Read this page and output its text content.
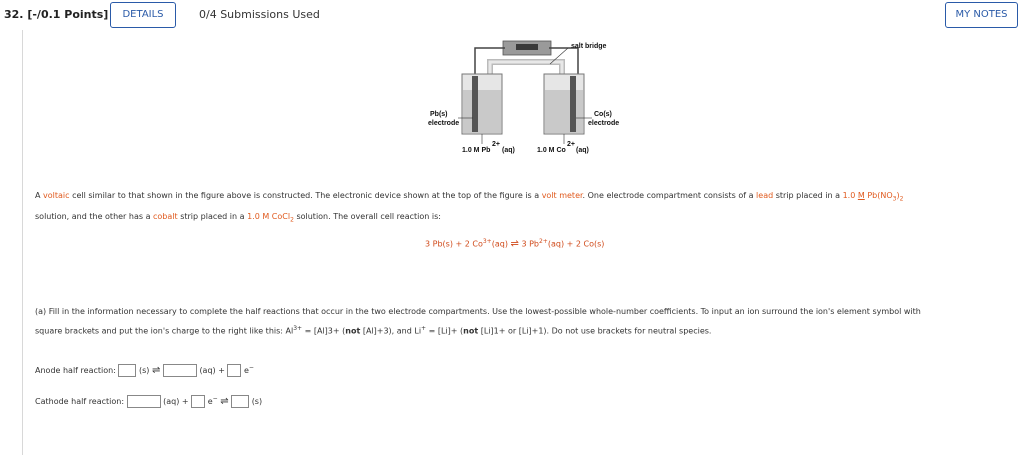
32. [-/0.1 Points]	DETAILS	0/4 Submissions Used	MY NOTES
salt bridge
Pb(s)
electrode
Co(s)
electrode
1.0 M Pb
2+
(aq)	1.0 M Co
2+
(aq)
A voltaic cell similar to that shown in the figure above is constructed. The electronic device shown at the top of the figure is a volt meter. One electrode compartment consists of a lead strip placed in a 1.0 M $Pb(NO_3)_2$
solution, and the other has a cobalt strip placed in a 1.0 M CoCl$_2$ solution. The overall cell reaction is:
3 Pb(s) + 2 $Co^{3+}(aq)$ ⇌ 3 $Pb^{2+}(aq) + 2$ Co(s)
(a) Fill in the information necessary to complete the half reactions that occur in the two electrode compartments. Use the lowest-possible whole-number coefficients. To input an ion surround the ion's element symbol with
square brackets and put the ion's charge to the right like this: $Al^{3+} = [Al]3+ (not$ [Al]+3), and Li+ = [Li]+ (not [Li]1+ or [Li]+1). Do not use brackets for neutral species.
Anode half reaction:	(s) ⇌	(aq) + e−
Cathode half reaction:	(aq) + e− ⇌	(s)
